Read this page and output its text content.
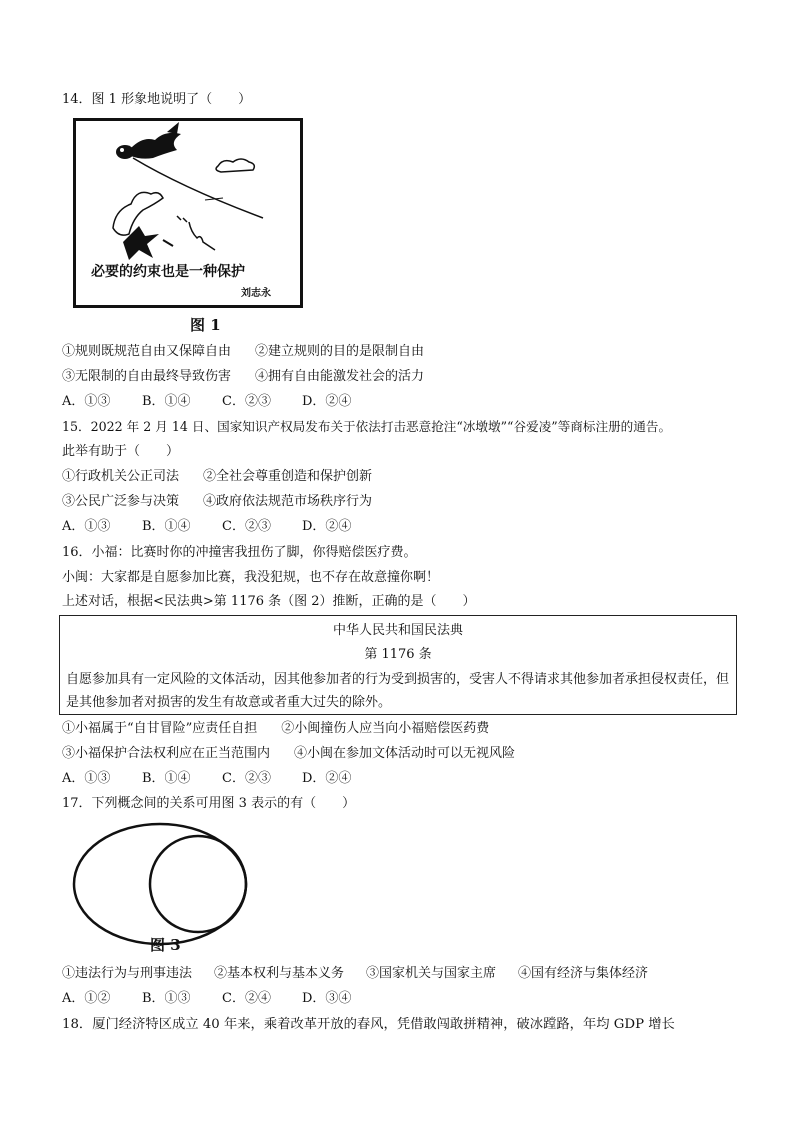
14．图 1 形象地说明了（　　）
必要的约束也是一种保护
刘志永
图 1
①规则既规范自由又保障自由 ②建立规则的目的是限制自由
③无限制的自由最终导致伤害 ④拥有自由能激发社会的活力
A．①③ B．①④ C．②③ D．②④
15．2022 年 2 月 14 日、国家知识产权局发布关于依法打击恶意抢注“冰墩墩”“谷爱凌”等商标注册的通告。
此举有助于（　　）
①行政机关公正司法 ②全社会尊重创造和保护创新
③公民广泛参与决策 ④政府依法规范市场秩序行为
A．①③ B．①④ C．②③ D．②④
16．小福：比赛时你的冲撞害我扭伤了脚，你得赔偿医疗费。
小闽：大家都是自愿参加比赛，我没犯规，也不存在故意撞你啊！
上述对话，根据<民法典>第 1176 条（图 2）推断，正确的是（　　）
中华人民共和国民法典
第 1176 条
自愿参加具有一定风险的文体活动，因其他参加者的行为受到损害的，受害人不得请求其他参加者承担侵权责任，但是其他参加者对损害的发生有故意或者重大过失的除外。
①小福属于“自甘冒险”应责任自担 ②小闽撞伤人应当向小福赔偿医药费
③小福保护合法权利应在正当范围内 ④小闽在参加文体活动时可以无视风险
A．①③ B．①④ C．②③ D．②④
17．下列概念间的关系可用图 3 表示的有（　　）
图 3
①违法行为与刑事违法 ②基本权利与基本义务 ③国家机关与国家主席 ④国有经济与集体经济
A．①② B．①③ C．②④ D．③④
18．厦门经济特区成立 40 年来，乘着改革开放的春风，凭借敢闯敢拼精神，破冰蹚路，年均 GDP 增长
